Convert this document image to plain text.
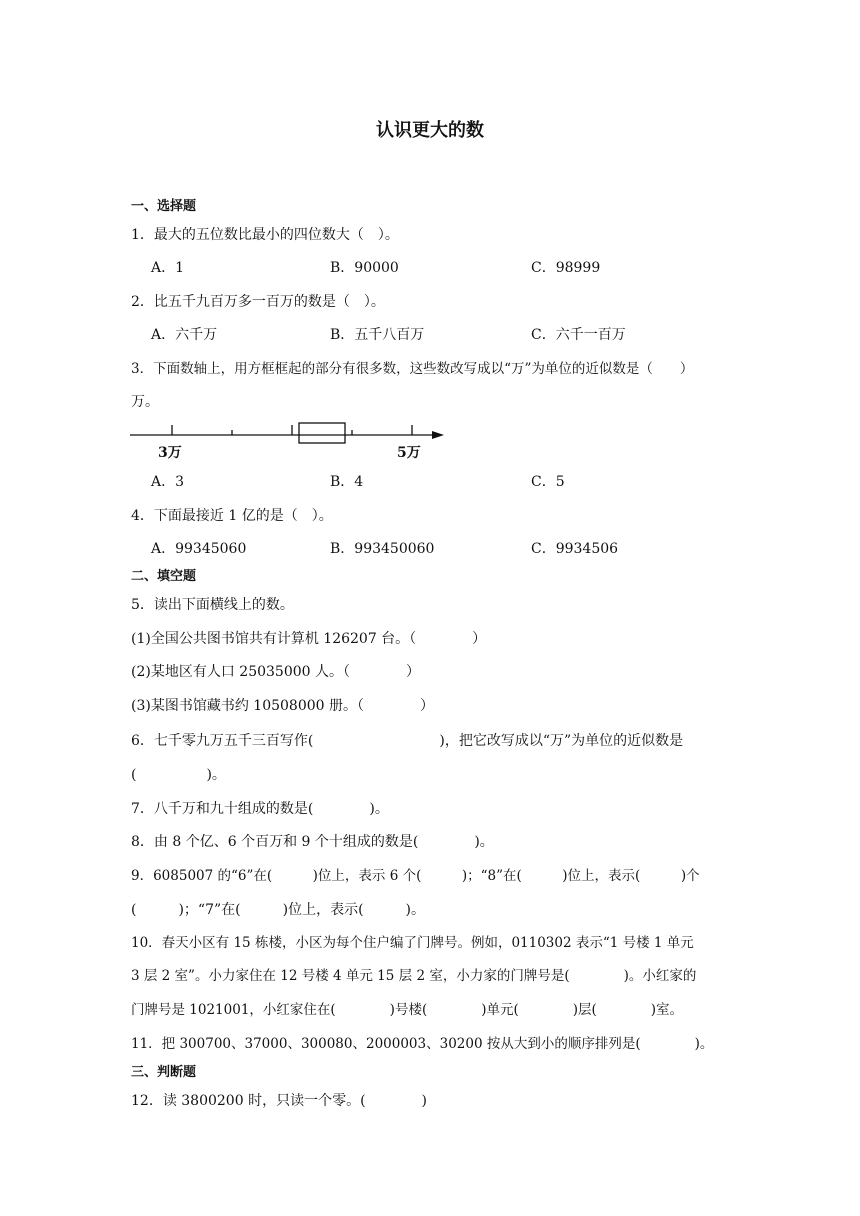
认识更大的数
一、选择题
1．最大的五位数比最小的四位数大（　）。
A．1	B．90000	C．98999
2．比五千九百万多一百万的数是（　）。
A．六千万	B．五千八百万	C．六千一百万
3．下面数轴上，用方框框起的部分有很多数，这些数改写成以“万”为单位的近似数是（　　）
万。
3万	5万
A．3	B．4	C．5
4．下面最接近 1 亿的是（　）。
A．99345060	B．993450060	C．9934506
二、填空题
5．读出下面横线上的数。
(1)全国公共图书馆共有计算机 126207 台。（　　　　）
(2)某地区有人口 25035000 人。（　　　　）
(3)某图书馆藏书约 10508000 册。（　　　　）
6．七千零九万五千三百写作(　　　　　　　　　)，把它改写成以“万”为单位的近似数是
(　　　　　)。
7．八千万和九十组成的数是(　　　　)。
8．由 8 个亿、6 个百万和 9 个十组成的数是(　　　　)。
9．6085007 的“6”在(　　　)位上，表示 6 个(　　　)；“8”在(　　　)位上，表示(　　　)个
(　　　)；“7”在(　　　)位上，表示(　　　)。
10．春天小区有 15 栋楼，小区为每个住户编了门牌号。例如，0110302 表示“1 号楼 1 单元
3 层 2 室”。小力家住在 12 号楼 4 单元 15 层 2 室，小力家的门牌号是(　　　　)。小红家的
门牌号是 1021001，小红家住在(　　　　)号楼(　　　　)单元(　　　　)层(　　　　)室。
11．把 300700、37000、300080、2000003、30200 按从大到小的顺序排列是(　　　　)。
三、判断题
12．读 3800200 时，只读一个零。(　　　　)
